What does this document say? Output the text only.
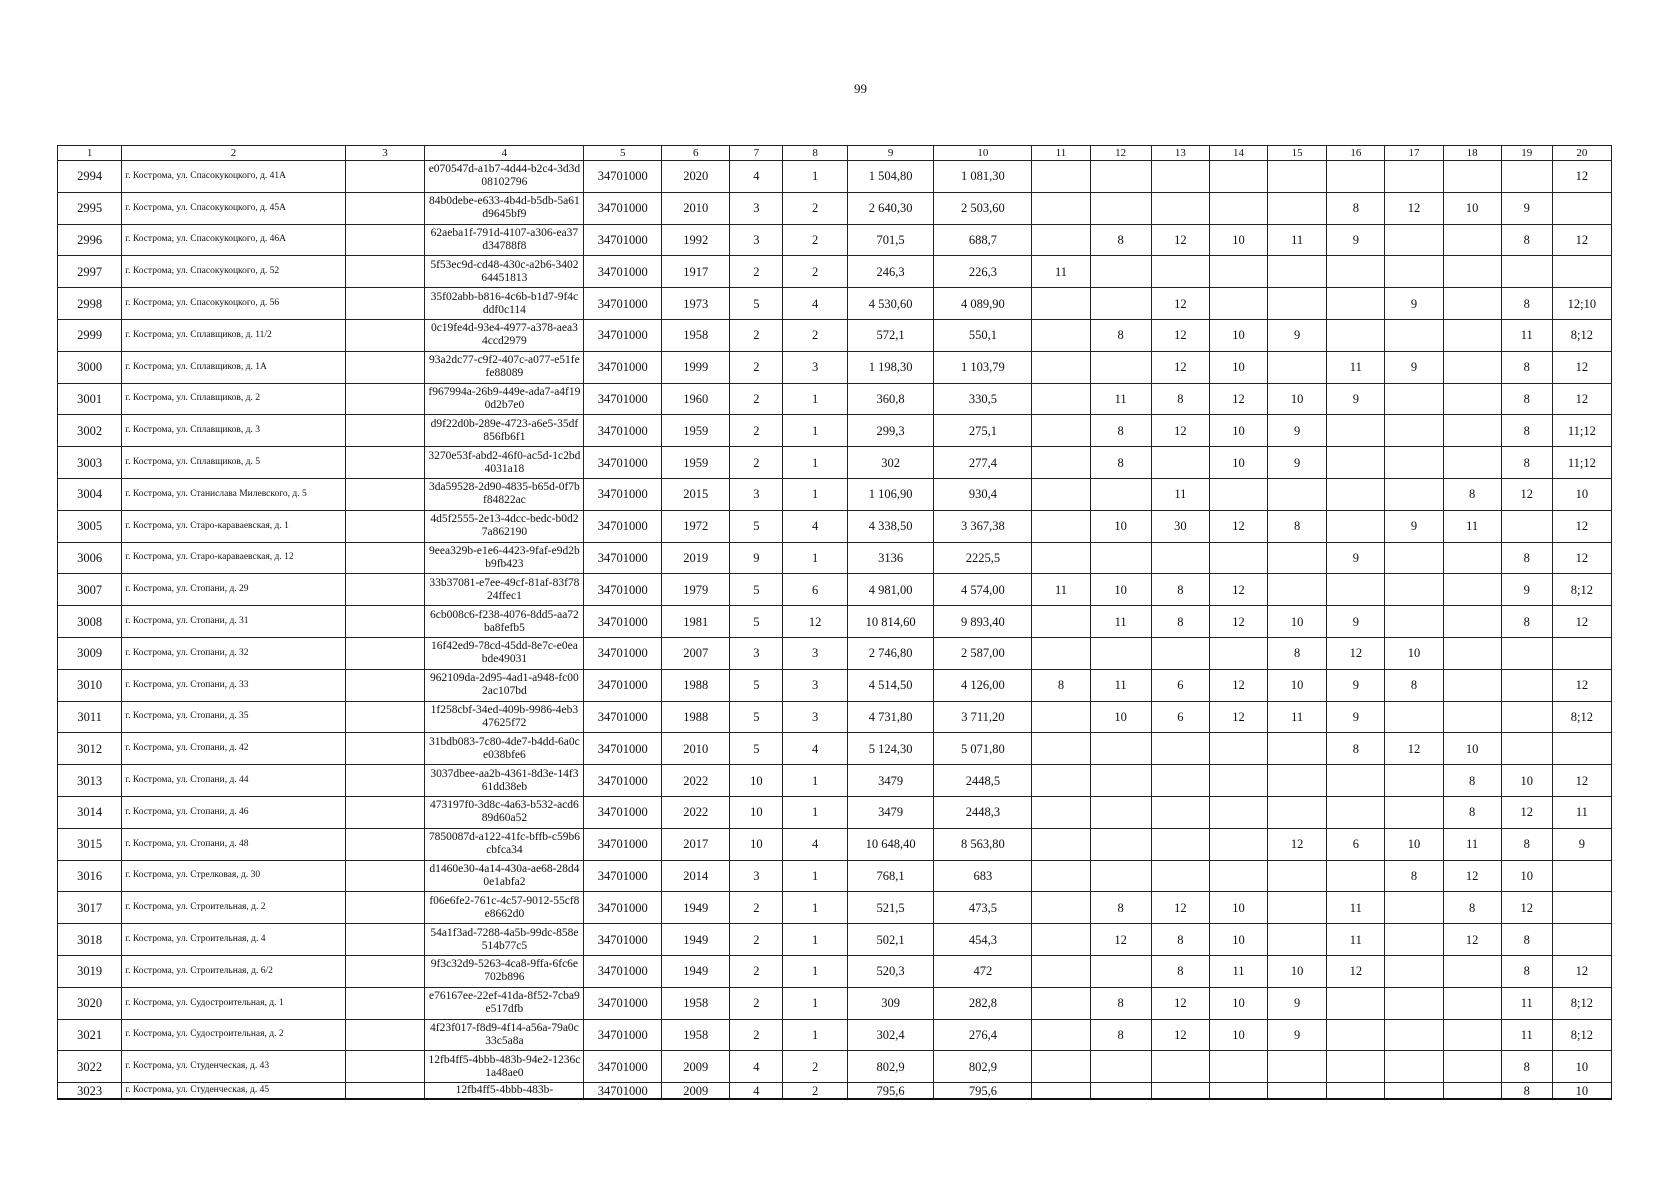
99
1	2	3	4	5	6	7	8	9	10	11	12	13	14	15	16	17	18	19	20
2994	г. Кострома, ул. Спасокукоцкого, д. 41А		e070547d-a1b7-4d44-b2c4-3d3d08102796	34701000	2020	4	1	1 504,80	1 081,30										12
2995	г. Кострома, ул. Спасокукоцкого, д. 45А		84b0debe-e633-4b4d-b5db-5a61d9645bf9	34701000	2010	3	2	2 640,30	2 503,60						8	12	10	9	
2996	г. Кострома, ул. Спасокукоцкого, д. 46А		62aeba1f-791d-4107-a306-ea37d34788f8	34701000	1992	3	2	701,5	688,7		8	12	10	11	9			8	12
2997	г. Кострома, ул. Спасокукоцкого, д. 52		5f53ec9d-cd48-430c-a2b6-340264451813	34701000	1917	2	2	246,3	226,3	11									
2998	г. Кострома, ул. Спасокукоцкого, д. 56		35f02abb-b816-4c6b-b1d7-9f4cddf0c114	34701000	1973	5	4	4 530,60	4 089,90			12				9		8	12;10
2999	г. Кострома, ул. Сплавщиков, д. 11/2		0c19fe4d-93e4-4977-a378-aea34ccd2979	34701000	1958	2	2	572,1	550,1		8	12	10	9				11	8;12
3000	г. Кострома, ул. Сплавщиков, д. 1А		93a2dc77-c9f2-407c-a077-e51fefe88089	34701000	1999	2	3	1 198,30	1 103,79			12	10		11	9		8	12
3001	г. Кострома, ул. Сплавщиков, д. 2		f967994a-26b9-449e-ada7-a4f190d2b7e0	34701000	1960	2	1	360,8	330,5		11	8	12	10	9			8	12
3002	г. Кострома, ул. Сплавщиков, д. 3		d9f22d0b-289e-4723-a6e5-35df856fb6f1	34701000	1959	2	1	299,3	275,1		8	12	10	9				8	11;12
3003	г. Кострома, ул. Сплавщиков, д. 5		3270e53f-abd2-46f0-ac5d-1c2bd4031a18	34701000	1959	2	1	302	277,4		8		10	9				8	11;12
3004	г. Кострома, ул. Станислава Милевского, д. 5		3da59528-2d90-4835-b65d-0f7bf84822ac	34701000	2015	3	1	1 106,90	930,4			11					8	12	10
3005	г. Кострома, ул. Старо-караваевская, д. 1		4d5f2555-2e13-4dcc-bedc-b0d27a862190	34701000	1972	5	4	4 338,50	3 367,38		10	30	12	8		9	11		12
3006	г. Кострома, ул. Старо-караваевская, д. 12		9eea329b-e1e6-4423-9faf-e9d2bb9fb423	34701000	2019	9	1	3136	2225,5						9			8	12
3007	г. Кострома, ул. Стопани, д. 29		33b37081-e7ee-49cf-81af-83f7824ffec1	34701000	1979	5	6	4 981,00	4 574,00	11	10	8	12					9	8;12
3008	г. Кострома, ул. Стопани, д. 31		6cb008c6-f238-4076-8dd5-aa72ba8fefb5	34701000	1981	5	12	10 814,60	9 893,40		11	8	12	10	9			8	12
3009	г. Кострома, ул. Стопани, д. 32		16f42ed9-78cd-45dd-8e7c-e0eabde49031	34701000	2007	3	3	2 746,80	2 587,00					8	12	10			
3010	г. Кострома, ул. Стопани, д. 33		962109da-2d95-4ad1-a948-fc002ac107bd	34701000	1988	5	3	4 514,50	4 126,00	8	11	6	12	10	9	8			12
3011	г. Кострома, ул. Стопани, д. 35		1f258cbf-34ed-409b-9986-4eb347625f72	34701000	1988	5	3	4 731,80	3 711,20		10	6	12	11	9				8;12
3012	г. Кострома, ул. Стопани, д. 42		31bdb083-7c80-4de7-b4dd-6a0ce038bfe6	34701000	2010	5	4	5 124,30	5 071,80						8	12	10		
3013	г. Кострома, ул. Стопани, д. 44		3037dbee-aa2b-4361-8d3e-14f361dd38eb	34701000	2022	10	1	3479	2448,5								8	10	12
3014	г. Кострома, ул. Стопани, д. 46		473197f0-3d8c-4a63-b532-acd689d60a52	34701000	2022	10	1	3479	2448,3								8	12	11
3015	г. Кострома, ул. Стопани, д. 48		7850087d-a122-41fc-bffb-c59b6cbfca34	34701000	2017	10	4	10 648,40	8 563,80					12	6	10	11	8	9
3016	г. Кострома, ул. Стрелковая, д. 30		d1460e30-4a14-430a-ae68-28d40e1abfa2	34701000	2014	3	1	768,1	683							8	12	10	
3017	г. Кострома, ул. Строительная, д. 2		f06e6fe2-761c-4c57-9012-55cf8e8662d0	34701000	1949	2	1	521,5	473,5		8	12	10		11		8	12	
3018	г. Кострома, ул. Строительная, д. 4		54a1f3ad-7288-4a5b-99dc-858e514b77c5	34701000	1949	2	1	502,1	454,3		12	8	10		11		12	8	
3019	г. Кострома, ул. Строительная, д. 6/2		9f3c32d9-5263-4ca8-9ffa-6fc6e702b896	34701000	1949	2	1	520,3	472			8	11	10	12			8	12
3020	г. Кострома, ул. Судостроительная, д. 1		e76167ee-22ef-41da-8f52-7cba9e517dfb	34701000	1958	2	1	309	282,8		8	12	10	9				11	8;12
3021	г. Кострома, ул. Судостроительная, д. 2		4f23f017-f8d9-4f14-a56a-79a0c33c5a8a	34701000	1958	2	1	302,4	276,4		8	12	10	9				11	8;12
3022	г. Кострома, ул. Студенческая, д. 43		12fb4ff5-4bbb-483b-94e2-1236c1a48ae0	34701000	2009	4	2	802,9	802,9									8	10
3023	г. Кострома, ул. Студенческая, д. 45		12fb4ff5-4bbb-483b-	34701000	2009	4	2	795,6	795,6									8	10
